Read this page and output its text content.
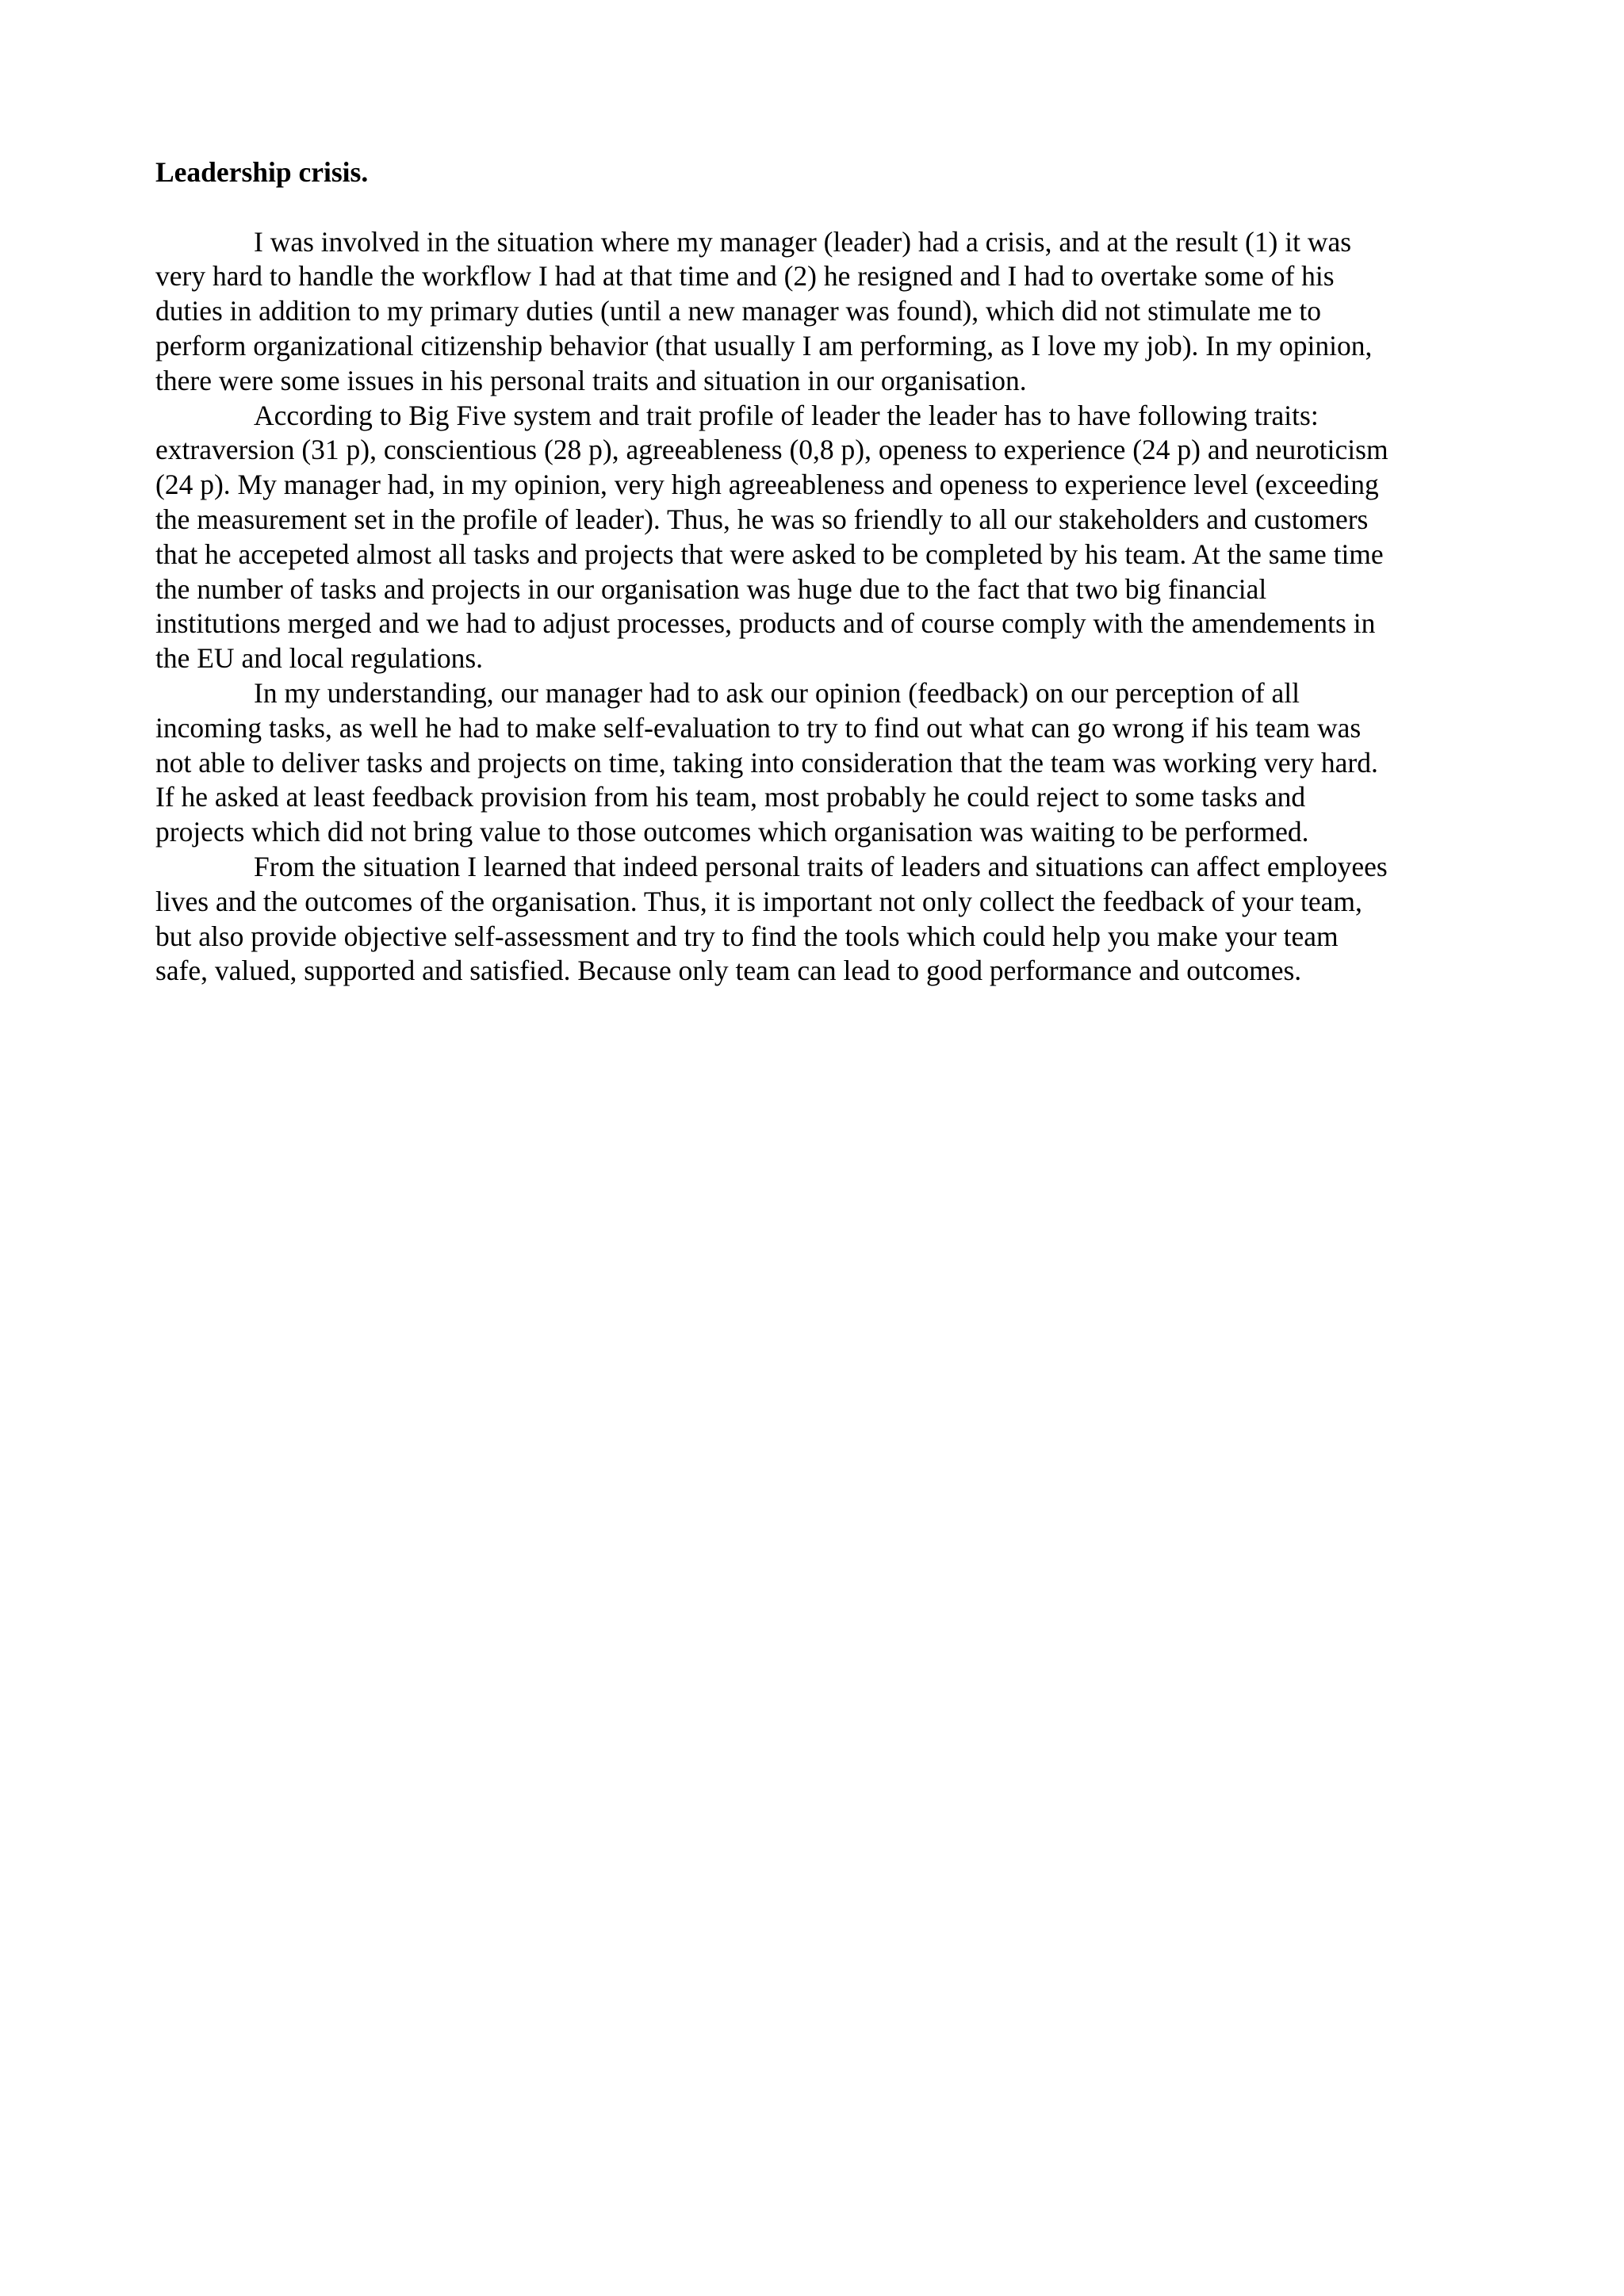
Leadership crisis.

I was involved in the situation where my manager (leader) had a crisis, and at the result (1) it was
very hard to handle the workflow I had at that time and (2) he resigned and I had to overtake some of his
duties in addition to my primary duties (until a new manager was found), which did not stimulate me to
perform organizational citizenship behavior (that usually I am performing, as I love my job). In my opinion,
there were some issues in his personal traits and situation in our organisation.

According to Big Five system and trait profile of leader the leader has to have following traits:
extraversion (31 p), conscientious (28 p), agreeableness (0,8 p), openess to experience (24 p) and neuroticism
(24 p). My manager had, in my opinion, very high agreeableness and openess to experience level (exceeding
the measurement set in the profile of leader). Thus, he was so friendly to all our stakeholders and customers
that he accepeted almost all tasks and projects that were asked to be completed by his team. At the same time
the number of tasks and projects in our organisation was huge due to the fact that two big financial
institutions merged and we had to adjust processes, products and of course comply with the amendements in
the EU and local regulations.

In my understanding, our manager had to ask our opinion (feedback) on our perception of all
incoming tasks, as well he had to make self-evaluation to try to find out what can go wrong if his team was
not able to deliver tasks and projects on time, taking into consideration that the team was working very hard.
If he asked at least feedback provision from his team, most probably he could reject to some tasks and
projects which did not bring value to those outcomes which organisation was waiting to be performed.

From the situation I learned that indeed personal traits of leaders and situations can affect employees
lives and the outcomes of the organisation. Thus, it is important not only collect the feedback of your team,
but also provide objective self-assessment and try to find the tools which could help you make your team
safe, valued, supported and satisfied. Because only team can lead to good performance and outcomes.
